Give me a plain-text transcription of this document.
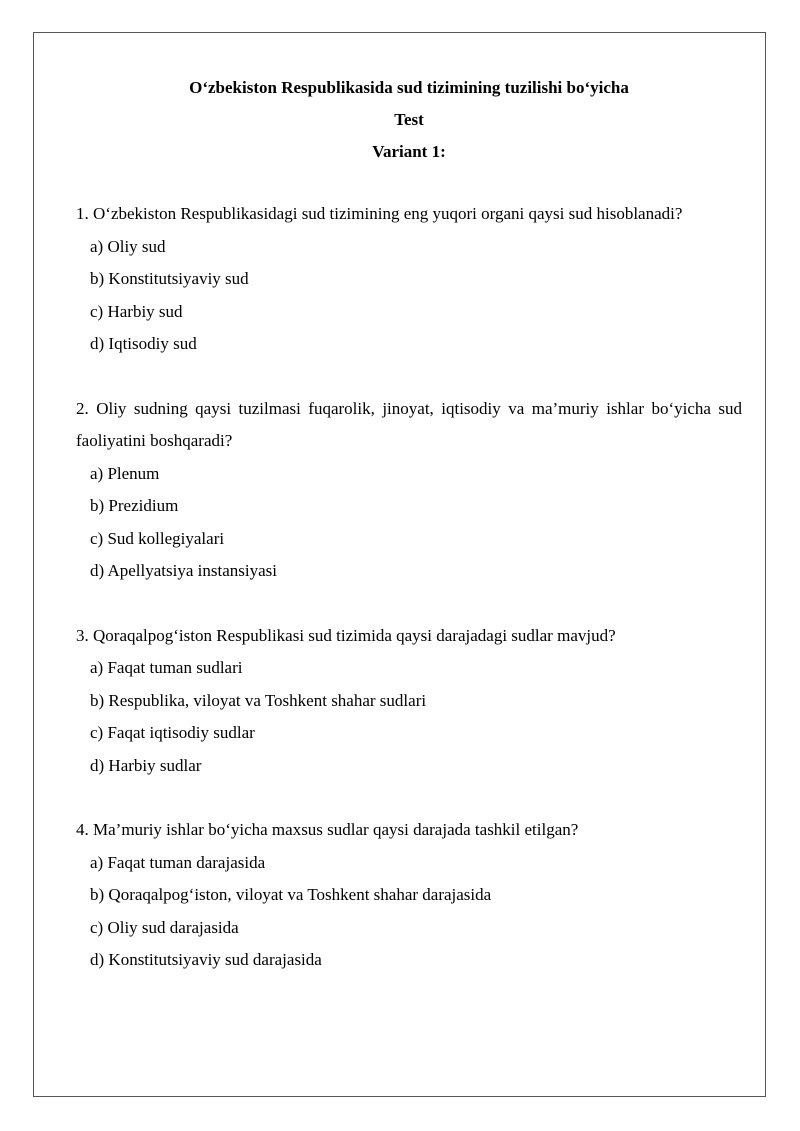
O‘zbekiston Respublikasida sud tizimining tuzilishi bo‘yicha
Test
Variant 1:
1. O‘zbekiston Respublikasidagi sud tizimining eng yuqori organi qaysi sud hisoblanadi?
a) Oliy sud
b) Konstitutsiyaviy sud
c) Harbiy sud
d) Iqtisodiy sud
2. Oliy sudning qaysi tuzilmasi fuqarolik, jinoyat, iqtisodiy va ma’muriy ishlar bo‘yicha sud faoliyatini boshqaradi?
a) Plenum
b) Prezidium
c) Sud kollegiyalari
d) Apellyatsiya instansiyasi
3. Qoraqalpog‘iston Respublikasi sud tizimida qaysi darajadagi sudlar mavjud?
a) Faqat tuman sudlari
b) Respublika, viloyat va Toshkent shahar sudlari
c) Faqat iqtisodiy sudlar
d) Harbiy sudlar
4. Ma’muriy ishlar bo‘yicha maxsus sudlar qaysi darajada tashkil etilgan?
a) Faqat tuman darajasida
b) Qoraqalpog‘iston, viloyat va Toshkent shahar darajasida
c) Oliy sud darajasida
d) Konstitutsiyaviy sud darajasida
